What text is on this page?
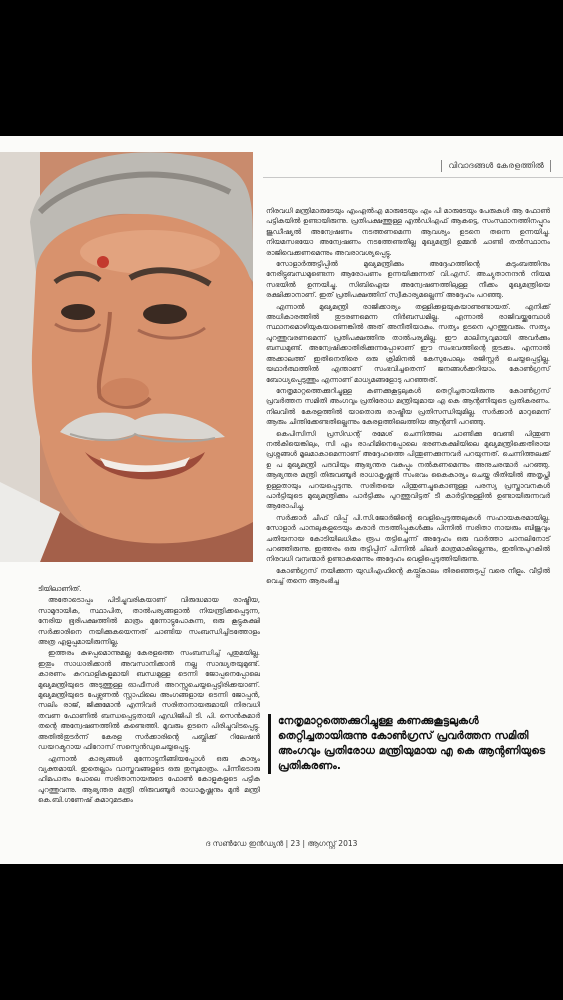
വിവാദങ്ങൾ കേരളത്തിൽ

നിരവധി മന്ത്രിമാരുടേയും എംഎൽഎ മാരുടേയും എം പി മാരുടേയും പേരുകൾ ആ ഫോൺ പട്ടികയിൽ ഉണ്ടായിരുന്നു. പ്രതിപക്ഷത്തുള്ള എൽഡിഎഫ് ആകട്ടെ, സംസ്ഥാനത്തിനപ്പുറം ജുഡീഷ്യൽ അന്വേഷണം നടത്തണമെന്ന ആവശ്യം ഉടനെ തന്നെ ഉന്നയിച്ചു. നിയമസഭയോ അന്വേഷണം നടത്തേണ്ടതില്ല മുഖ്യമന്ത്രി ഉമ്മൻ ചാണ്ടി തൽസ്ഥാനം രാജിവെക്കണമെന്നും അവരാവശ്യപ്പെട്ടു.

സോളാർത്തട്ടിപ്പിൽ മുഖ്യമന്ത്രിക്കും അദ്ദേഹത്തിന്റെ കുടുംബത്തിനും നേരിട്ടുബന്ധമുണ്ടെന്ന ആരോപണം ഉന്നയിക്കുന്നത് വി.എസ്. അച്യുതാനന്ദൻ നിയമ സഭയിൽ ഉന്നയിച്ചു. സിബിഐയ അന്വേഷണത്തിലുള്ള നീക്കം മുഖ്യമന്ത്രിയെ രക്ഷിക്കാനാണ്. ഇത് പ്രതിപക്ഷത്തിന് സ്വീകാര്യമല്ലെന്ന് അദ്ദേഹം പറഞ്ഞു.

എന്നാൽ മുഖ്യമന്ത്രി രാജിക്കാര്യം തള്ളിക്കളയുകയാണുണ്ടായത്. എനിക്ക് അധികാരത്തിൽ തുടരണമെന്ന നിർബന്ധമില്ല. എന്നാൽ രാജിവയ്ക്കുമ്പോൾ സ്ഥാനമൊഴിയുകയാണെങ്കിൽ അത് അനീതിയാകും. സത്യം ഉടനെ പുറത്തുവരും. സത്യം പുറത്തുവരണമെന്ന് പ്രതിപക്ഷത്തിനു താൽപര്യമില്ല. ഈ മാലിന്യവുമായി അവർക്കും ബന്ധമുണ്ട്. അന്വേഷിക്കാതിരിക്കുന്നപ്പോഴാണ് ഈ സംഭവത്തിന്റെ തുടക്കം. എന്നാൽ അക്കാലത്ത് ഇതിനെതിരെ ഒരു ക്രിമിനൽ കേസുപോലും രജിസ്റ്റർ ചെയ്യപ്പെട്ടില്ല. യഥാർത്ഥത്തിൽ എന്താണ് സംഭവിച്ചതെന്ന് ജനങ്ങൾക്കറിയാം. കോൺഗ്രസ് ബോധ്യപ്പെടുത്തും എന്നാണ് മാധ്യമങ്ങളോടു പറഞ്ഞത്.

നേതൃമാറ്റത്തെക്കുറിച്ചുള്ള കണക്കുകൂട്ടലുകൾ തെറ്റിച്ചതായിരുന്നു കോൺഗ്രസ് പ്രവർത്തന സമിതി അംഗവും പ്രതിരോധ മന്ത്രിയുമായ എ കെ ആന്റണിയുടെ പ്രതികരണം. നിലവിൽ കേരളത്തിൽ യാതൊരു രാഷ്ട്രീയ പ്രതിസന്ധിയുമില്ല. സർക്കാർ മാറുമെന്ന് ആരും ചിന്തിക്കേണ്ടതില്ലെന്നും കേരളത്തിലെത്തിയ ആന്റണി പറഞ്ഞു.

കെപിസിസി പ്രസിഡന്റ് രമേശ് ചെന്നിത്തല ചാണ്ടിക്കു വേണ്ടി പിന്തുണ നൽകിയെങ്കിലും, സി എം രാഹിമിനെപ്പോലെ ഭരണകക്ഷിയിലെ മുഖ്യമന്ത്രിക്കെതിരായ പ്രശ്നങ്ങൾ മൂലമാകാമെന്നാണ് അദ്ദേഹത്തെ പിന്തുണക്കുന്നവർ പറയുന്നത്. ചെന്നിത്തലക്ക് ഉ പ മുഖ്യമന്ത്രി പദവിയും ആഭ്യന്തര വകുപ്പും നൽകണമെന്നും അനുചരന്മാർ പറഞ്ഞു. ആഭ്യന്തര മന്ത്രി തിരുവഞ്ചൂർ രാധാകൃഷ്ണൻ സംഭവം കൈകാര്യം ചെയ്ത രീതിയിൽ അതൃപ്തി ഉള്ളതായും പറയപ്പെടുന്നു. സരിതയെ പിന്തുണച്ചുകൊണ്ടുള്ള പരസ്യ പ്രസ്താവനകൾ പാർട്ടിയുടെ മുഖ്യമന്ത്രിക്കും പാർട്ടിക്കും പുറത്തുവിട്ടത് ടീ കാർട്ടിനുള്ളിൽ ഉണ്ടായിരുന്നവർ ആരോപിച്ചു.

സർക്കാർ ചീഫ് വിപ്പ് പി.സി.ജോർജിന്റെ വെളിപ്പെടുത്തലുകൾ സഹായകരമായില്ല. സോളാർ പാനലുകളുടെയും കരാർ നടത്തിപ്പുകൾക്കും പിന്നിൽ സരിതാ നായരും ബിജുവും ചതിയനായ കോടിയിലധികം രൂപ തട്ടിച്ചെന്ന് അദ്ദേഹം ഒരു വാർത്താ ചാനലിനോട് പറഞ്ഞിരുന്നു. ഇത്തരം ഒരു തട്ടിപ്പിന് പിന്നിൽ ചിലർ മാത്രമാകില്ലെന്നും, ഇതിനുപുറകിൽ നിരവധി വമ്പന്മാർ ഉണ്ടാകുമെന്നും അദ്ദേഹം വെളിപ്പെടുത്തിയിരുന്നു.

കോൺഗ്രസ് നയിക്കുന്ന യുഡിഎഫിന്റെ കയ്പ്പ്കാലം തിരഞ്ഞെടുപ്പ് വരെ നീളും. വീട്ടിൽ വെച്ച് തന്നെ ആരംഭിച്ച

ടിയിലാണിത്.

അതോടൊപ്പം പിടിച്ചുവരികയാണ് വിരുദ്ധമായ രാഷ്ട്രീയ, സാമുദായിക, സ്ഥാപിത, താൽപര്യങ്ങളാൽ നിയന്ത്രിക്കപ്പെടുന്ന, നേരിയ ഭൂരിപക്ഷത്തിൽ മാത്രം മുന്നോട്ടുപോകുന്ന, ഒരു കൂട്ടുകക്ഷി സർക്കാരിനെ നയിക്കുകയെന്നത് ചാണ്ടിയ സംബന്ധിച്ചിടത്തോളം അത്ര എളുപ്പമായിരുന്നില്ല.

ഇത്തരം കുഴപ്പമൊന്നുമല്ല കേരളത്തെ സംബന്ധിച്ച് പുതുമയില്ല. ഇതും സാധാരിക്കാൻ അവസാനിക്കാൻ നല്ല സാദ്ധ്യതയുമുണ്ട്. കാരണം കുറവാളികളുമായി ബന്ധമുള്ള ടെന്നി ജോപ്പനെപ്പോലെ മുഖ്യമന്ത്രിയുടെ അടുത്തുള്ള ഓഫീസർ അറസ്റ്റുചെയ്യപ്പെട്ടിരിക്കയാണ്. മുഖ്യമന്ത്രിയുടെ പേഴ്സണൽ സ്റ്റാഫിലെ അംഗങ്ങളായ ടെന്നി ജോപ്പൻ, സലിം രാജ്, ജിക്കുമോൻ എന്നിവർ സരിതാനായരുമായി നിരവധി തവണ ഫോണിൽ ബന്ധപ്പെട്ടതായി എഡിജിപി ടി. പി. സെൻകുമാർ തന്റെ അന്വേഷണത്തിൽ കണ്ടെത്തി. മൂവരും ഉടനെ പിരിച്ചുവിടപ്പെട്ടു. അതിൽതുടർന്ന് കേരള സർക്കാരിന്റെ പബ്ലിക്ക് റിലേഷൻ ഡയറക്ടറായ ഫിറോസ് സസ്പെൻഡുചെയ്യപ്പെട്ടു.

എന്നാൽ കാര്യങ്ങൾ മുന്നോട്ടുനീങ്ങിയപ്പോൾ ഒരു കാര്യം വ്യക്തമായി. ഇതെല്ലാം വാസ്തവങ്ങളുടെ ഒരു തുമ്പുമാത്രം. പിന്നീടൊരു ഹിമപാതം പോലെ സരിതാനായരുടെ ഫോൺ കോളുകളുടെ പട്ടിക പുറത്തുവന്നു. ആഭ്യന്തര മന്ത്രി തിരുവഞ്ചൂർ രാധാകൃഷ്ണനും മുൻ മന്ത്രി കെ.ബി.ഗണേഷ് കുമാറുമടക്കം

നേതൃമാറ്റത്തെക്കുറിച്ചുള്ള കണക്കുകൂട്ടലുകൾ തെറ്റിച്ചതായിരുന്നു കോൺഗ്രസ് പ്രവർത്തന സമിതി അംഗവും പ്രതിരോധ മന്ത്രിയുമായ എ കെ ആന്റണിയുടെ പ്രതികരണം.
ദ സൺഡേ ഇൻഡ്യൻ | 23 | ആഗസ്റ്റ് 2013
